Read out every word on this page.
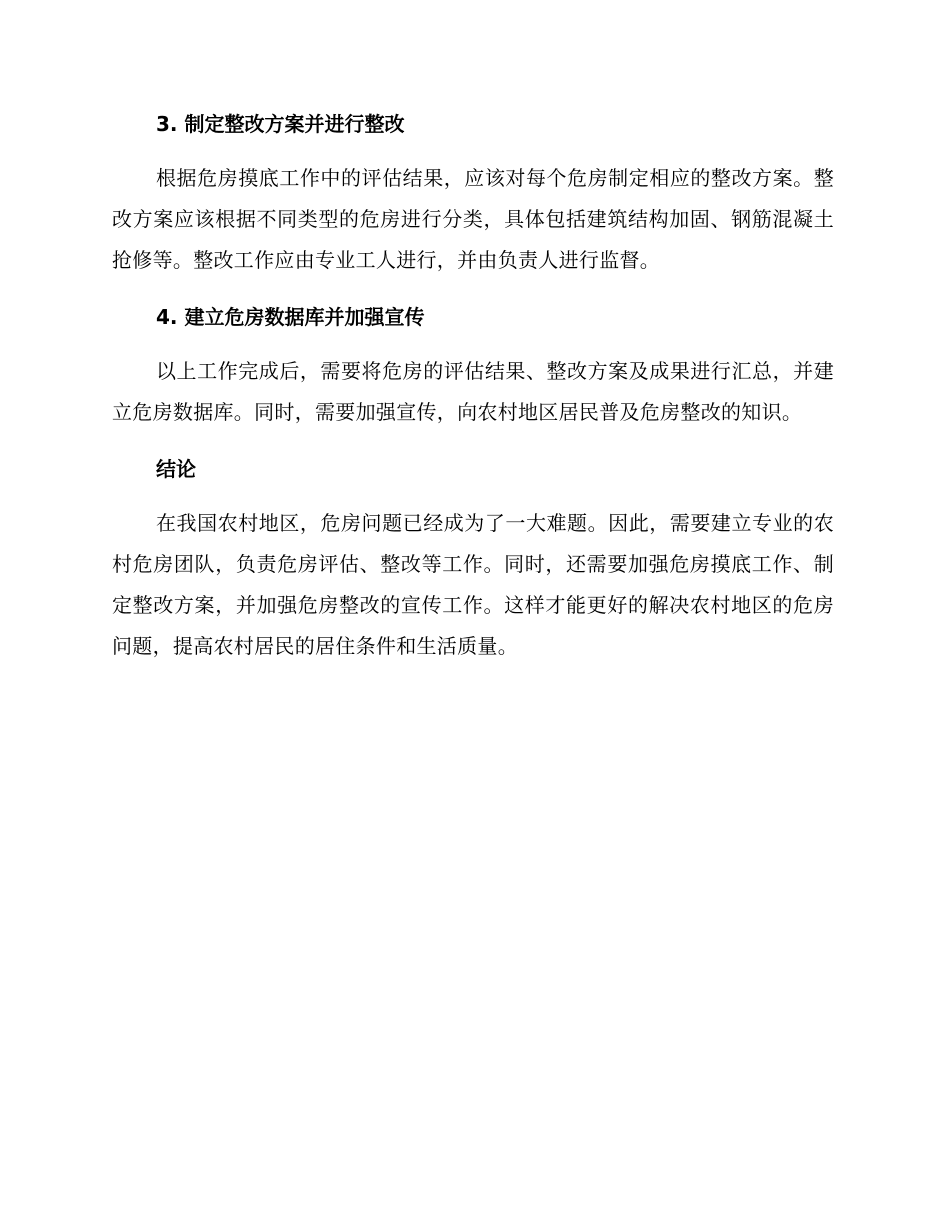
3. 制定整改方案并进行整改

根据危房摸底工作中的评估结果，应该对每个危房制定相应的整改方案。整改方案应该根据不同类型的危房进行分类，具体包括建筑结构加固、钢筋混凝土抢修等。整改工作应由专业工人进行，并由负责人进行监督。

4. 建立危房数据库并加强宣传

以上工作完成后，需要将危房的评估结果、整改方案及成果进行汇总，并建立危房数据库。同时，需要加强宣传，向农村地区居民普及危房整改的知识。

结论

在我国农村地区，危房问题已经成为了一大难题。因此，需要建立专业的农村危房团队，负责危房评估、整改等工作。同时，还需要加强危房摸底工作、制定整改方案，并加强危房整改的宣传工作。这样才能更好的解决农村地区的危房问题，提高农村居民的居住条件和生活质量。
